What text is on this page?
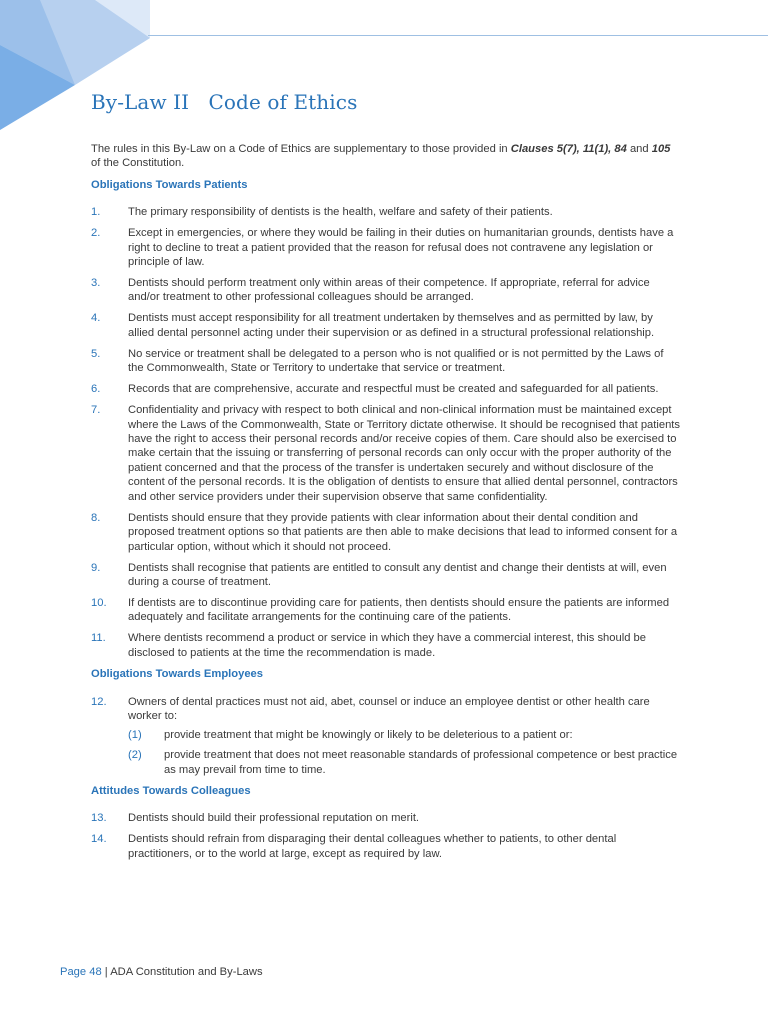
By-Law II   Code of Ethics

The rules in this By-Law on a Code of Ethics are supplementary to those provided in Clauses 5(7), 11(1), 84 and 105 of the Constitution.

Obligations Towards Patients
1. The primary responsibility of dentists is the health, welfare and safety of their patients.
2. Except in emergencies, or where they would be failing in their duties on humanitarian grounds, dentists have a right to decline to treat a patient provided that the reason for refusal does not contravene any legislation or principle of law.
3. Dentists should perform treatment only within areas of their competence. If appropriate, referral for advice and/or treatment to other professional colleagues should be arranged.
4. Dentists must accept responsibility for all treatment undertaken by themselves and as permitted by law, by allied dental personnel acting under their supervision or as defined in a structural professional relationship.
5. No service or treatment shall be delegated to a person who is not qualified or is not permitted by the Laws of the Commonwealth, State or Territory to undertake that service or treatment.
6. Records that are comprehensive, accurate and respectful must be created and safeguarded for all patients.
7. Confidentiality and privacy with respect to both clinical and non-clinical information must be maintained except where the Laws of the Commonwealth, State or Territory dictate otherwise. It should be recognised that patients have the right to access their personal records and/or receive copies of them. Care should also be exercised to make certain that the issuing or transferring of personal records can only occur with the proper authority of the patient concerned and that the process of the transfer is undertaken securely and without disclosure of the content of the personal records. It is the obligation of dentists to ensure that allied dental personnel, contractors and other service providers under their supervision observe that same confidentiality.
8. Dentists should ensure that they provide patients with clear information about their dental condition and proposed treatment options so that patients are then able to make decisions that lead to informed consent for a particular option, without which it should not proceed.
9. Dentists shall recognise that patients are entitled to consult any dentist and change their dentists at will, even during a course of treatment.
10. If dentists are to discontinue providing care for patients, then dentists should ensure the patients are informed adequately and facilitate arrangements for the continuing care of the patients.
11. Where dentists recommend a product or service in which they have a commercial interest, this should be disclosed to patients at the time the recommendation is made.
Obligations Towards Employees
12. Owners of dental practices must not aid, abet, counsel or induce an employee dentist or other health care worker to:
(1) provide treatment that might be knowingly or likely to be deleterious to a patient or:
(2) provide treatment that does not meet reasonable standards of professional competence or best practice as may prevail from time to time.
Attitudes Towards Colleagues
13. Dentists should build their professional reputation on merit.
14. Dentists should refrain from disparaging their dental colleagues whether to patients, to other dental practitioners, or to the world at large, except as required by law.
Page 48 | ADA Constitution and By-Laws
